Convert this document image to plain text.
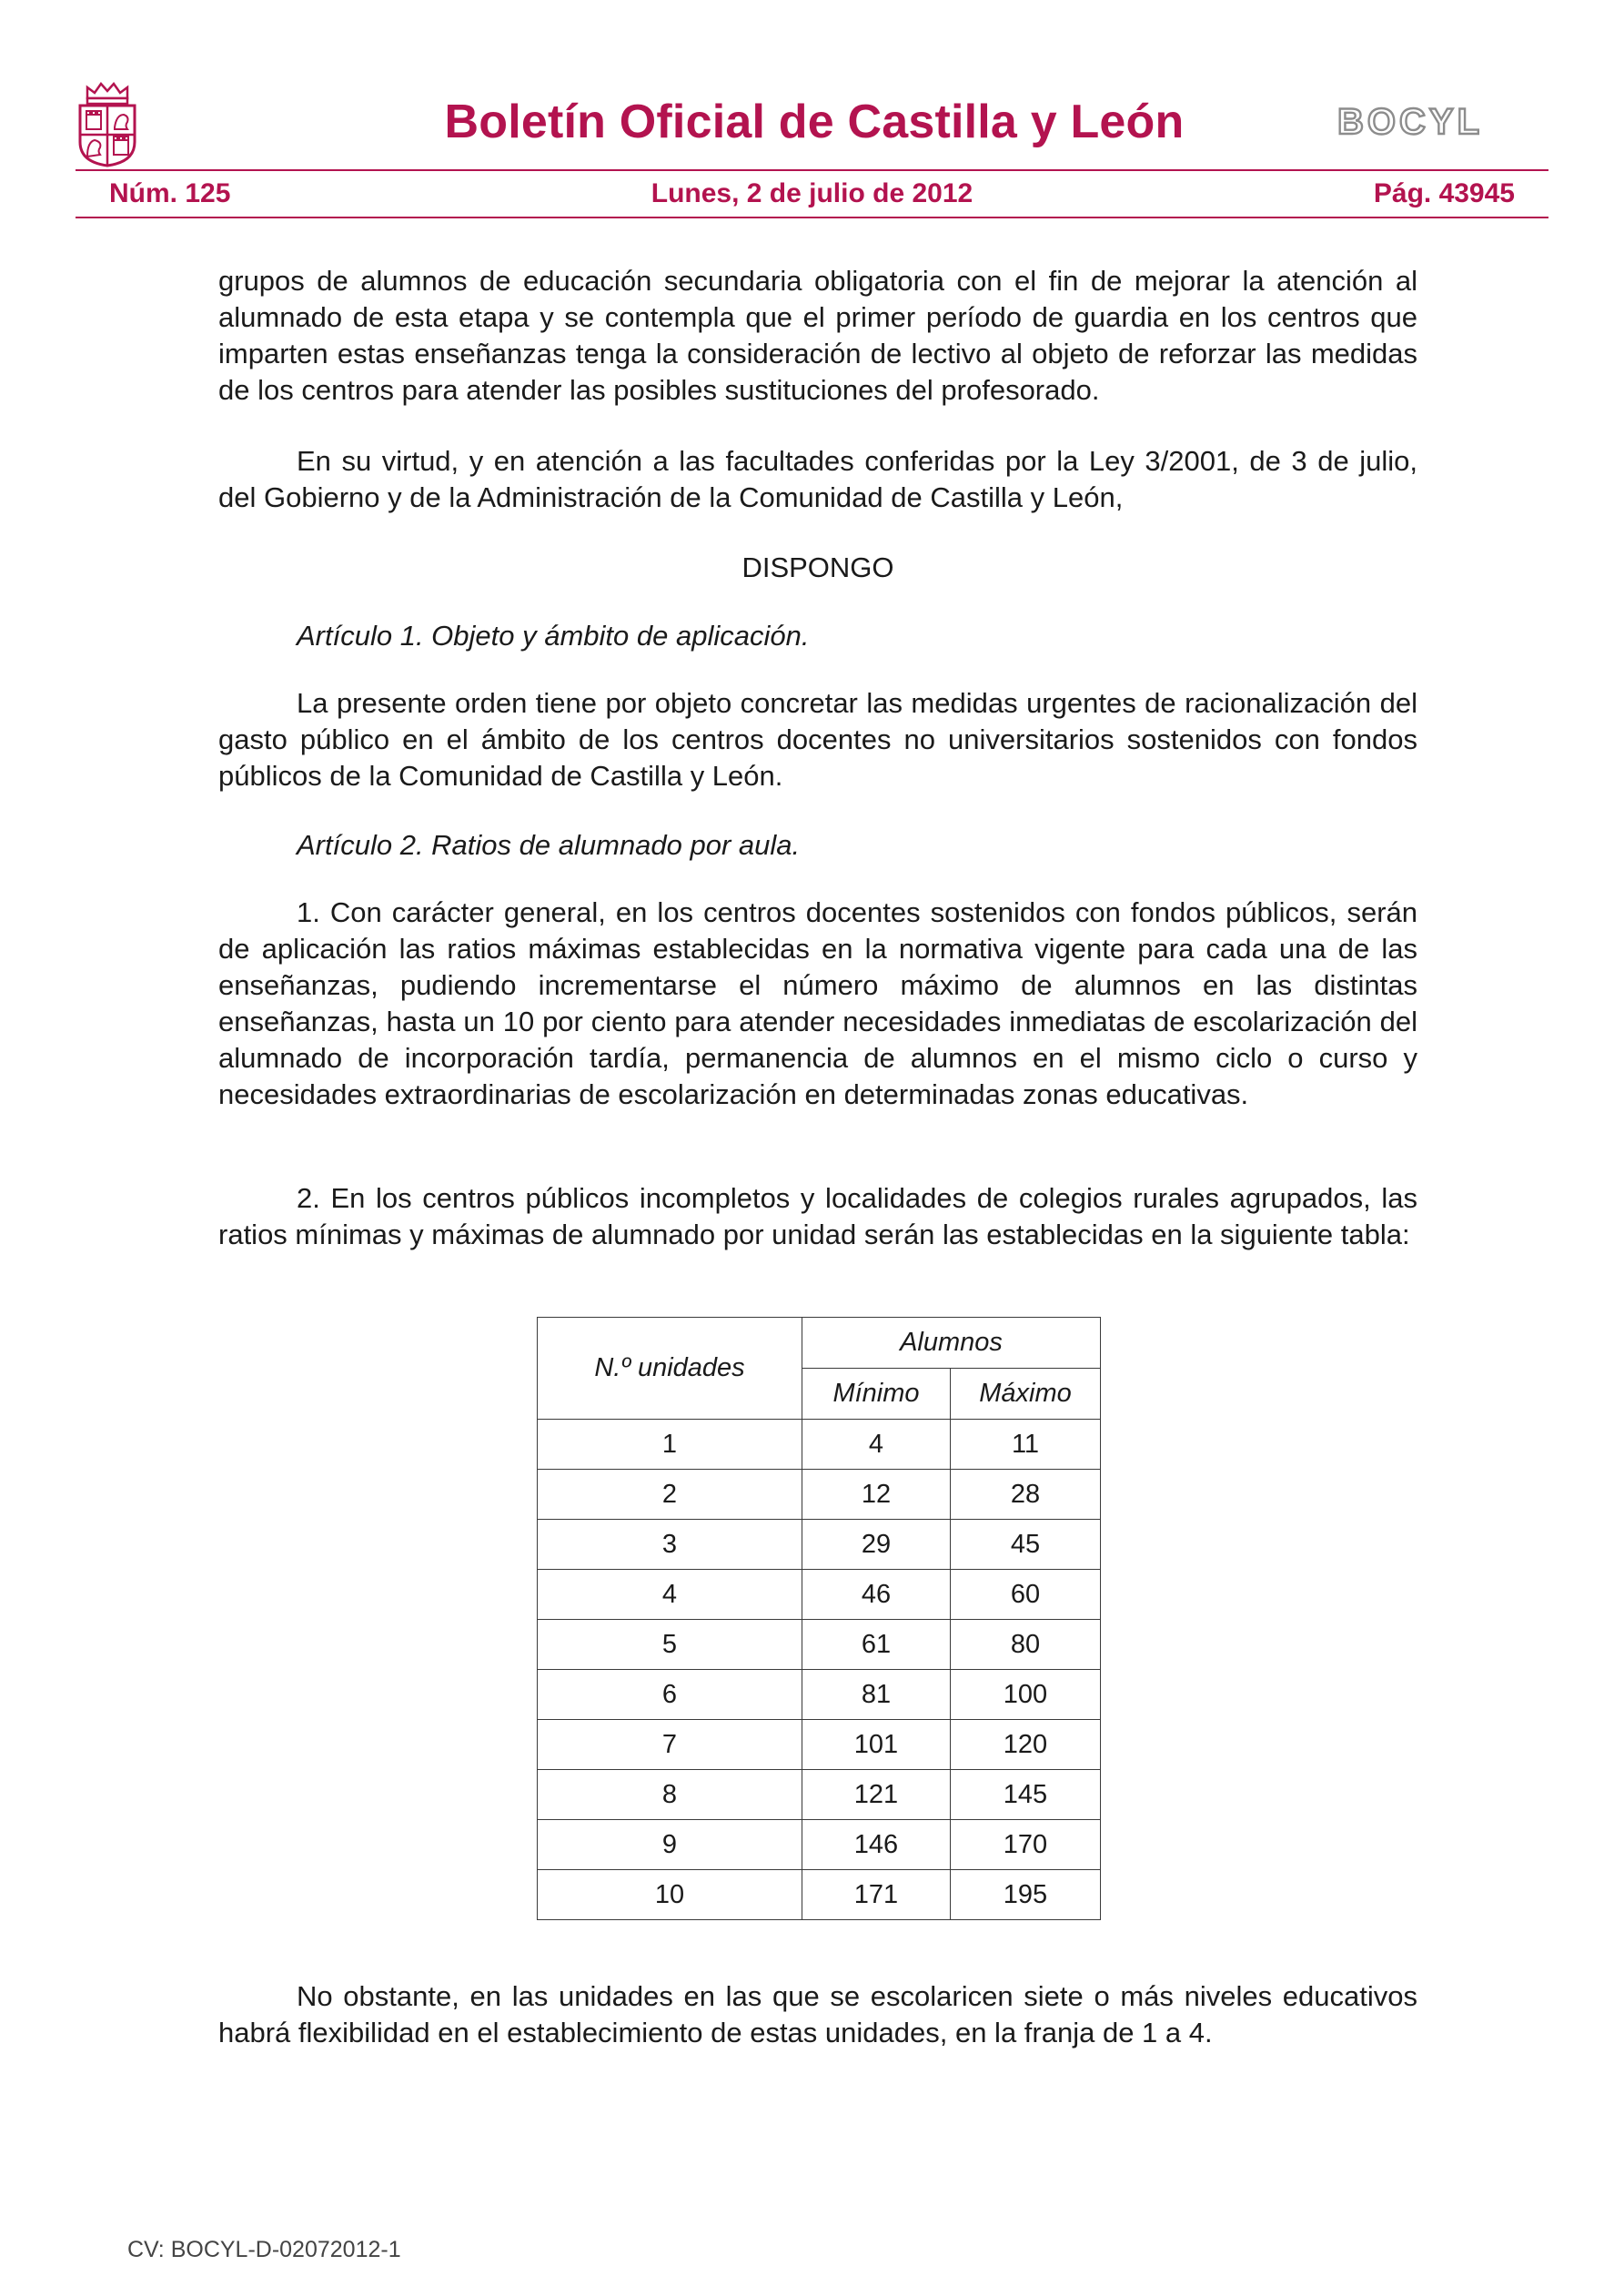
Boletín Oficial de Castilla y León	BOCYL
Núm. 125	Lunes, 2 de julio de 2012	Pág. 43945

grupos de alumnos de educación secundaria obligatoria con el fin de mejorar la atención al alumnado de esta etapa y se contempla que el primer período de guardia en los centros que imparten estas enseñanzas tenga la consideración de lectivo al objeto de reforzar las medidas de los centros para atender las posibles sustituciones del profesorado.

En su virtud, y en atención a las facultades conferidas por la Ley 3/2001, de 3 de julio, del Gobierno y de la Administración de la Comunidad de Castilla y León,

DISPONGO

Artículo 1. Objeto y ámbito de aplicación.

La presente orden tiene por objeto concretar las medidas urgentes de racionalización del gasto público en el ámbito de los centros docentes no universitarios sostenidos con fondos públicos de la Comunidad de Castilla y León.

Artículo 2. Ratios de alumnado por aula.

1. Con carácter general, en los centros docentes sostenidos con fondos públicos, serán de aplicación las ratios máximas establecidas en la normativa vigente para cada una de las enseñanzas, pudiendo incrementarse el número máximo de alumnos en las distintas enseñanzas, hasta un 10 por ciento para atender necesidades inmediatas de escolarización del alumnado de incorporación tardía, permanencia de alumnos en el mismo ciclo o curso y necesidades extraordinarias de escolarización en determinadas zonas educativas.

2. En los centros públicos incompletos y localidades de colegios rurales agrupados, las ratios mínimas y máximas de alumnado por unidad serán las establecidas en la siguiente tabla:

N.º unidades	Alumnos	
	Mínimo	Máximo
1	4	11
2	12	28
3	29	45
4	46	60
5	61	80
6	81	100
7	101	120
8	121	145
9	146	170
10	171	195

No obstante, en las unidades en las que se escolaricen siete o más niveles educativos habrá flexibilidad en el establecimiento de estas unidades, en la franja de 1 a 4.

CV: BOCYL-D-02072012-1
